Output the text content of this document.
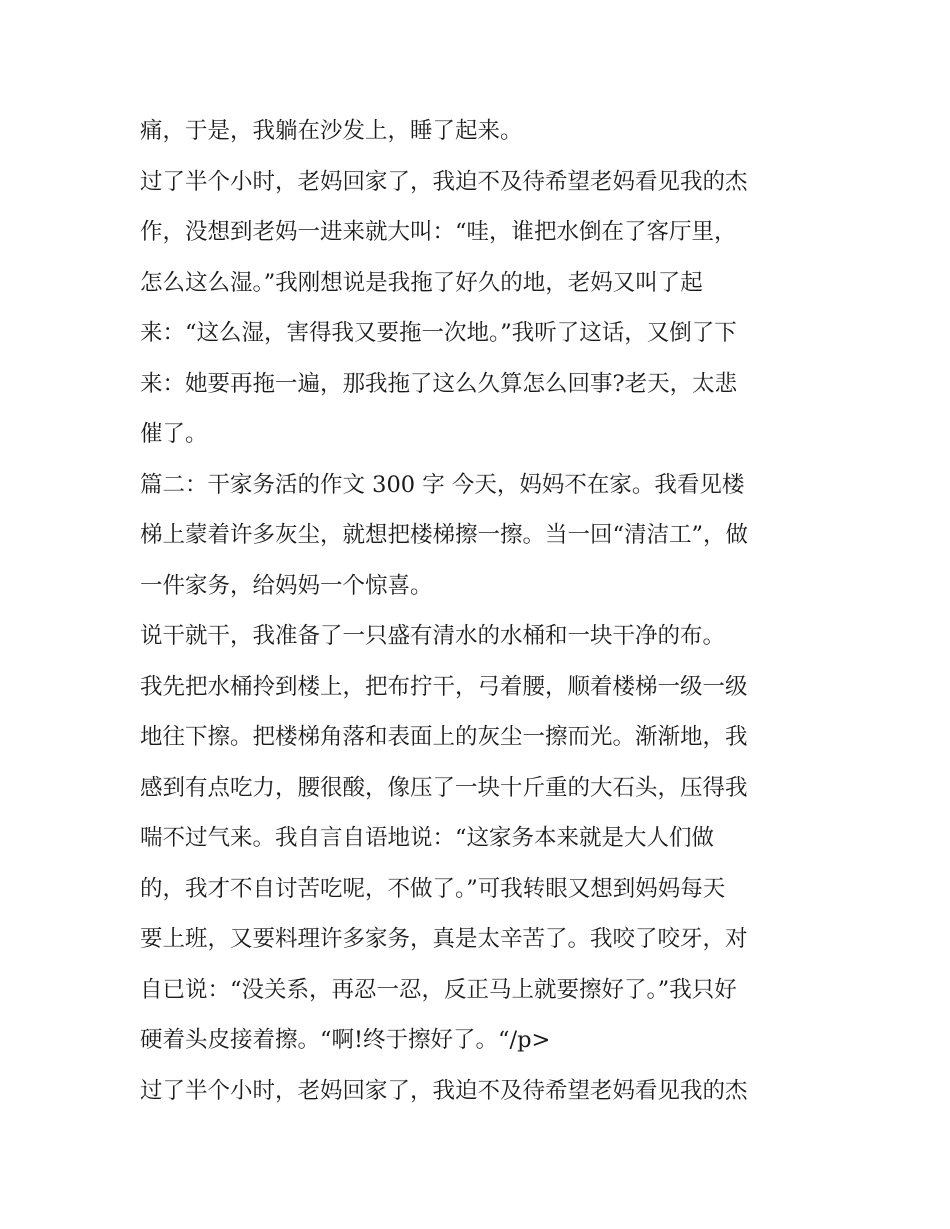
痛，于是，我躺在沙发上，睡了起来。
过了半个小时，老妈回家了，我迫不及待希望老妈看见我的杰
作，没想到老妈一进来就大叫：“哇，谁把水倒在了客厅里，
怎么这么湿。”我刚想说是我拖了好久的地，老妈又叫了起
来：“这么湿，害得我又要拖一次地。”我听了这话，又倒了下
来：她要再拖一遍，那我拖了这么久算怎么回事?老天，太悲
催了。
篇二：干家务活的作文 300 字 今天，妈妈不在家。我看见楼
梯上蒙着许多灰尘，就想把楼梯擦一擦。当一回“清洁工”，做
一件家务，给妈妈一个惊喜。
说干就干，我准备了一只盛有清水的水桶和一块干净的布。
我先把水桶拎到楼上，把布拧干，弓着腰，顺着楼梯一级一级
地往下擦。把楼梯角落和表面上的灰尘一擦而光。渐渐地，我
感到有点吃力，腰很酸，像压了一块十斤重的大石头，压得我
喘不过气来。我自言自语地说：“这家务本来就是大人们做
的，我才不自讨苦吃呢，不做了。”可我转眼又想到妈妈每天
要上班，又要料理许多家务，真是太辛苦了。我咬了咬牙，对
自已说：“没关系，再忍一忍，反正马上就要擦好了。”我只好
硬着头皮接着擦。“啊!终于擦好了。“/p>
过了半个小时，老妈回家了，我迫不及待希望老妈看见我的杰
